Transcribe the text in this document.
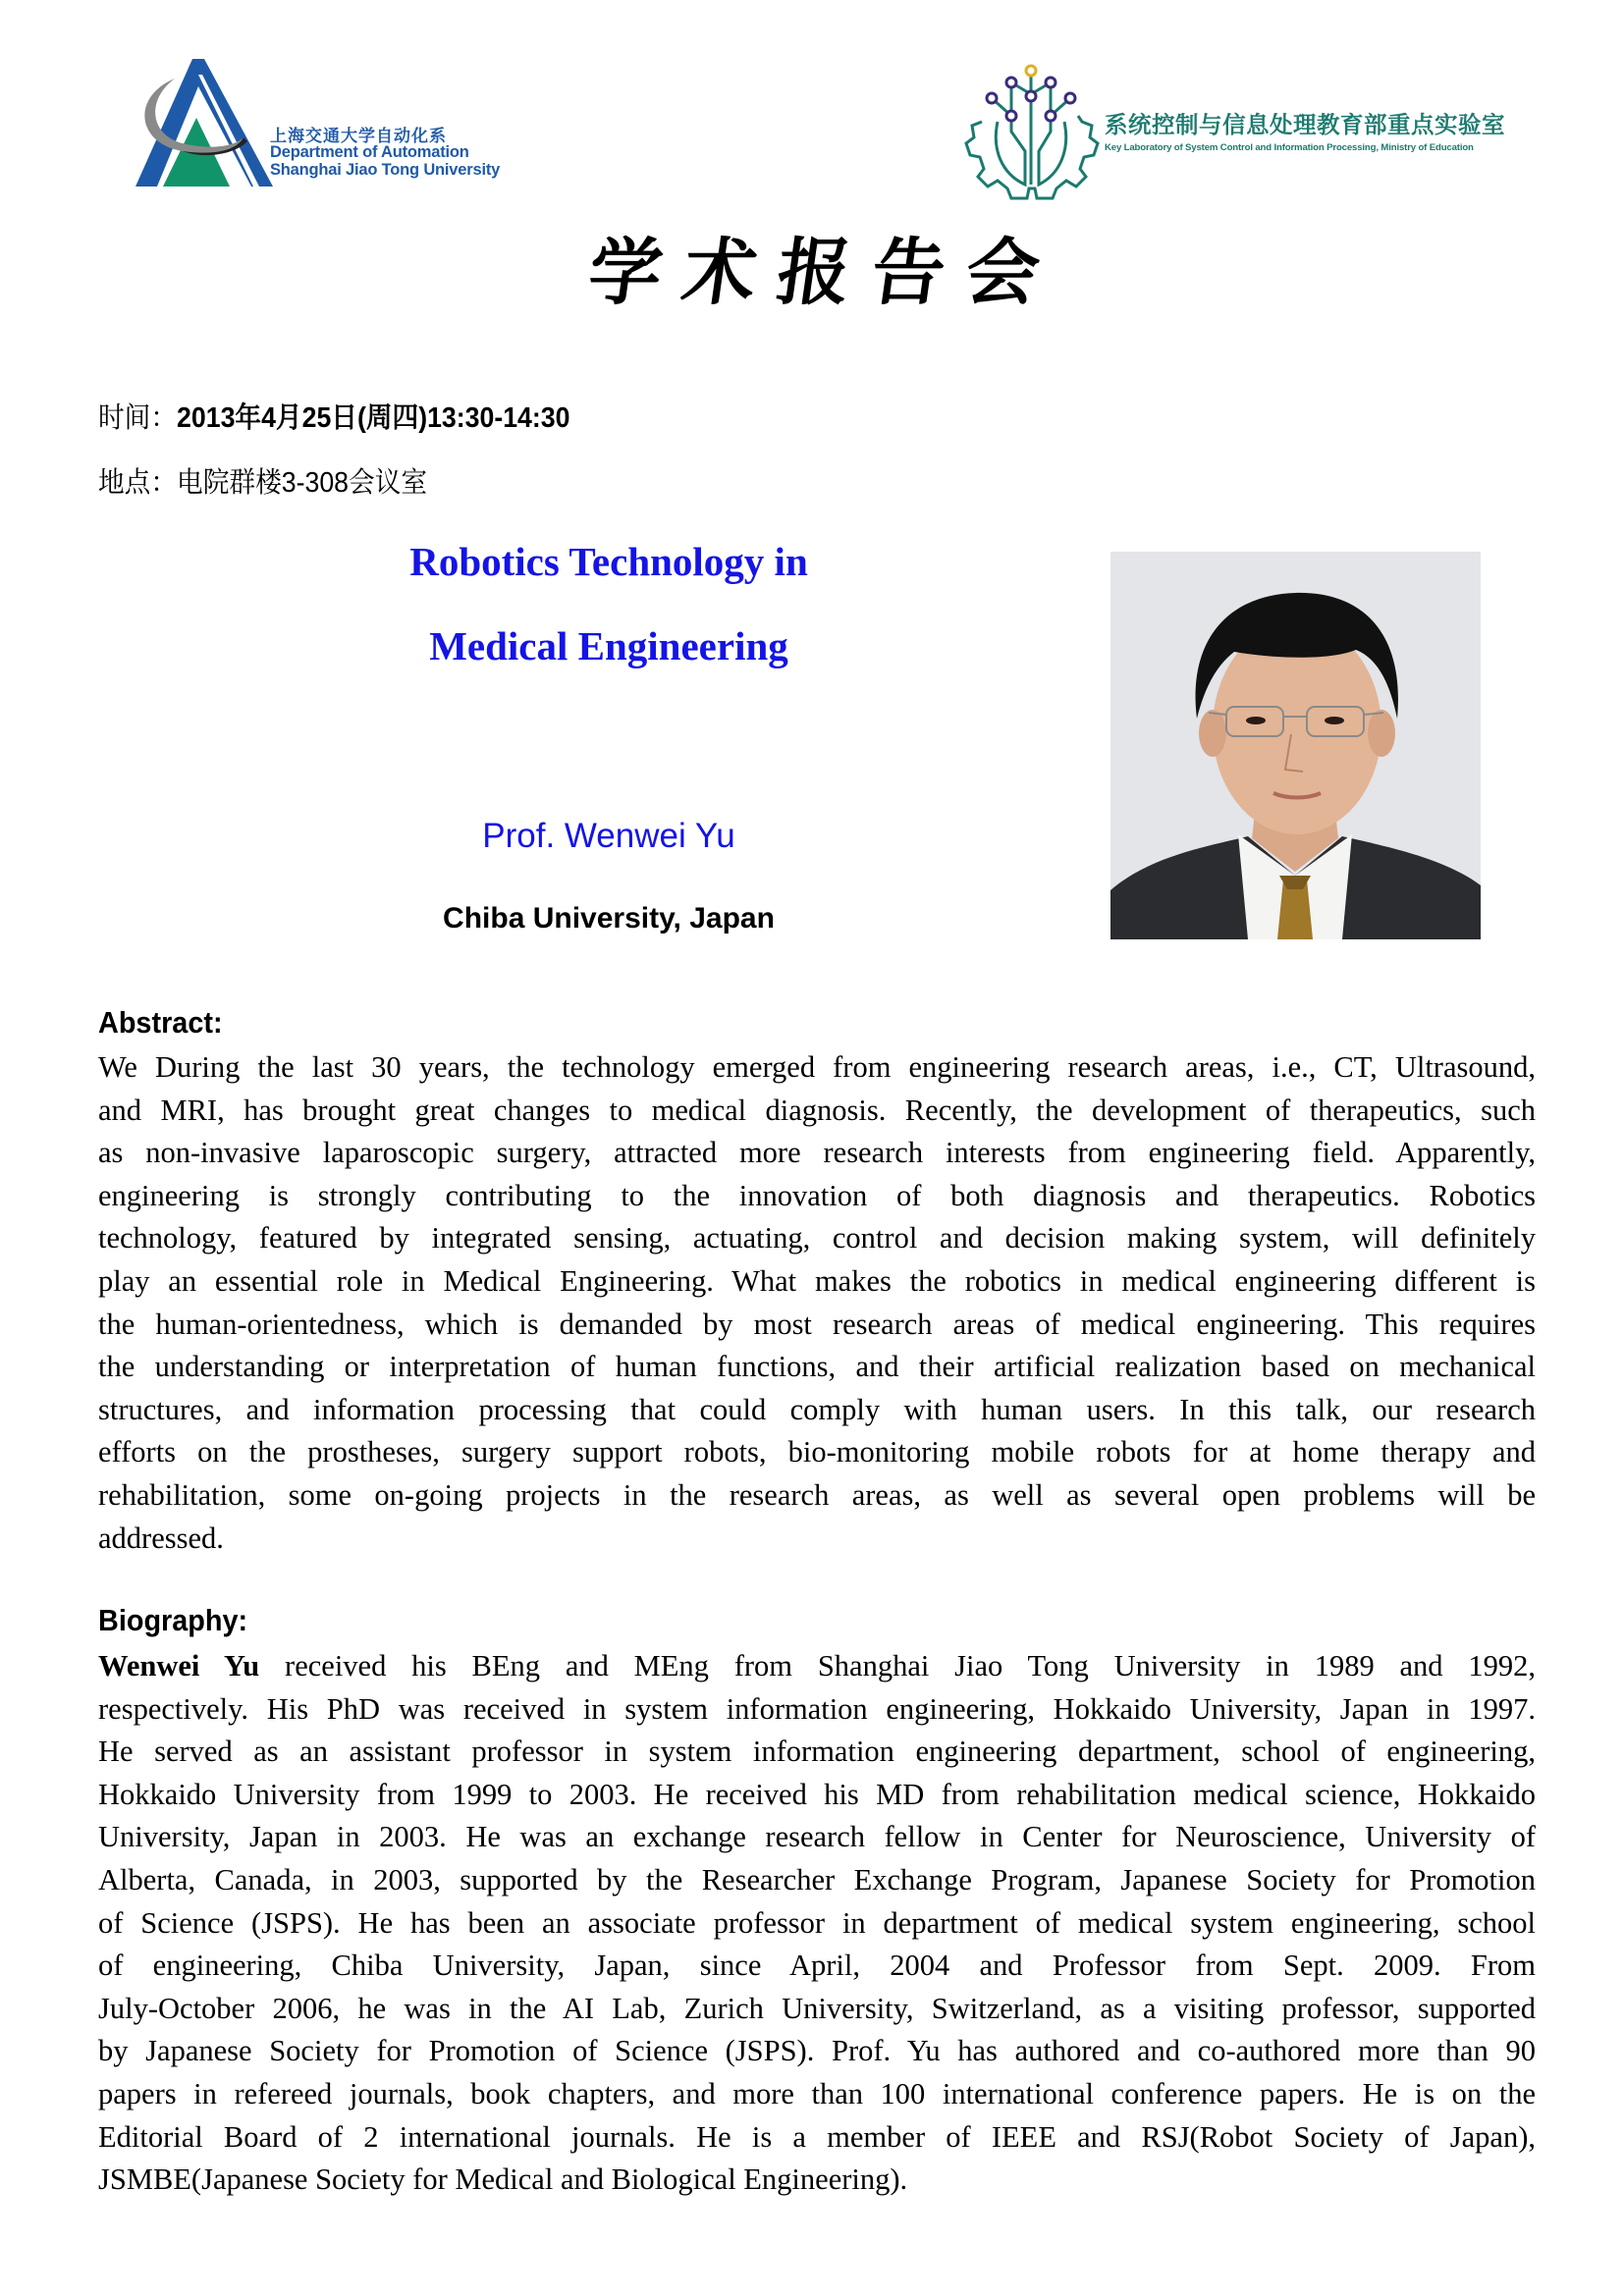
上海交通大学自动化系
Department of Automation
Shanghai Jiao Tong University
系统控制与信息处理教育部重点实验室
Key Laboratory of System Control and Information Processing, Ministry of Education
学术报告会
时间：2013年4月25日(周四)13:30-14:30
地点：电院群楼3-308会议室
Robotics Technology in
Medical Engineering
Prof. Wenwei Yu
Chiba University, Japan
Abstract:
We During the last 30 years, the technology emerged from engineering research areas, i.e., CT, Ultrasound,
and MRI, has brought great changes to medical diagnosis. Recently, the development of therapeutics, such
as non-invasive laparoscopic surgery, attracted more research interests from engineering field. Apparently,
engineering is strongly contributing to the innovation of both diagnosis and therapeutics. Robotics
technology, featured by integrated sensing, actuating, control and decision making system, will definitely
play an essential role in Medical Engineering. What makes the robotics in medical engineering different is
the human-orientedness, which is demanded by most research areas of medical engineering. This requires
the understanding or interpretation of human functions, and their artificial realization based on mechanical
structures, and information processing that could comply with human users. In this talk, our research
efforts on the prostheses, surgery support robots, bio-monitoring mobile robots for at home therapy and
rehabilitation, some on-going projects in the research areas, as well as several open problems will be
addressed.
Biography:
Wenwei Yu received his BEng and MEng from Shanghai Jiao Tong University in 1989 and 1992,
respectively. His PhD was received in system information engineering, Hokkaido University, Japan in 1997.
He served as an assistant professor in system information engineering department, school of engineering,
Hokkaido University from 1999 to 2003. He received his MD from rehabilitation medical science, Hokkaido
University, Japan in 2003. He was an exchange research fellow in Center for Neuroscience, University of
Alberta, Canada, in 2003, supported by the Researcher Exchange Program, Japanese Society for Promotion
of Science (JSPS). He has been an associate professor in department of medical system engineering, school
of engineering, Chiba University, Japan, since April, 2004 and Professor from Sept. 2009. From
July-October 2006, he was in the AI Lab, Zurich University, Switzerland, as a visiting professor, supported
by Japanese Society for Promotion of Science (JSPS). Prof. Yu has authored and co-authored more than 90
papers in refereed journals, book chapters, and more than 100 international conference papers. He is on the
Editorial Board of 2 international journals. He is a member of IEEE and RSJ(Robot Society of Japan),
JSMBE(Japanese Society for Medical and Biological Engineering).
